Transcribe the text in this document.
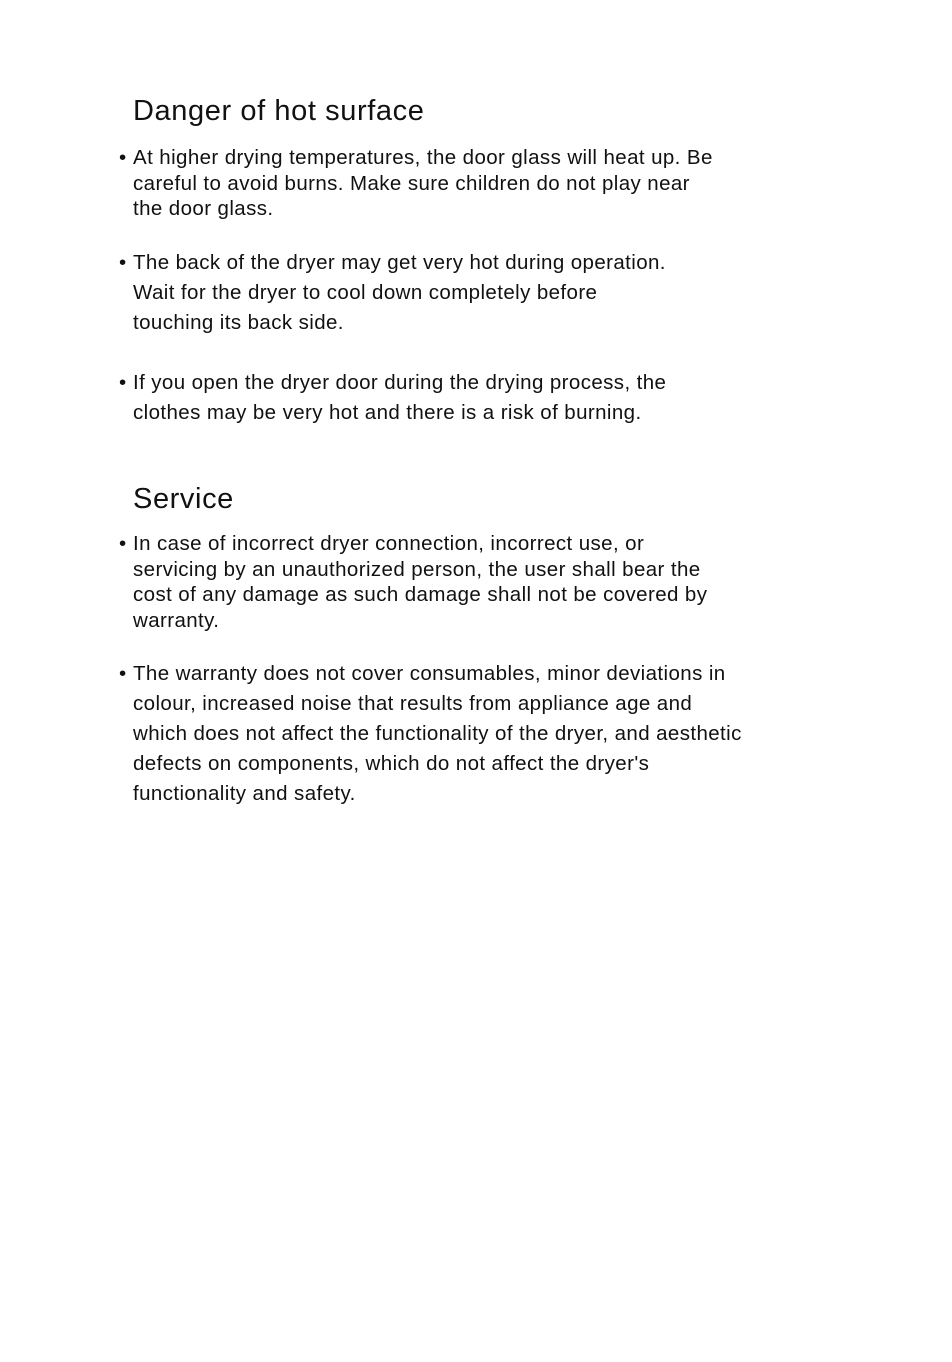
Danger of hot surface

• At higher drying temperatures, the door glass will heat up. Be
careful to avoid burns. Make sure children do not play near
the door glass.

• The back of the dryer may get very hot during operation.
Wait for the dryer to cool down completely before
touching its back side.

• If you open the dryer door during the drying process, the
clothes may be very hot and there is a risk of burning.

Service

• In case of incorrect dryer connection, incorrect use, or
servicing by an unauthorized person, the user shall bear the
cost of any damage as such damage shall not be covered by
warranty.

• The warranty does not cover consumables, minor deviations in
colour, increased noise that results from appliance age and
which does not affect the functionality of the dryer, and aesthetic
defects on components, which do not affect the dryer's
functionality and safety.
